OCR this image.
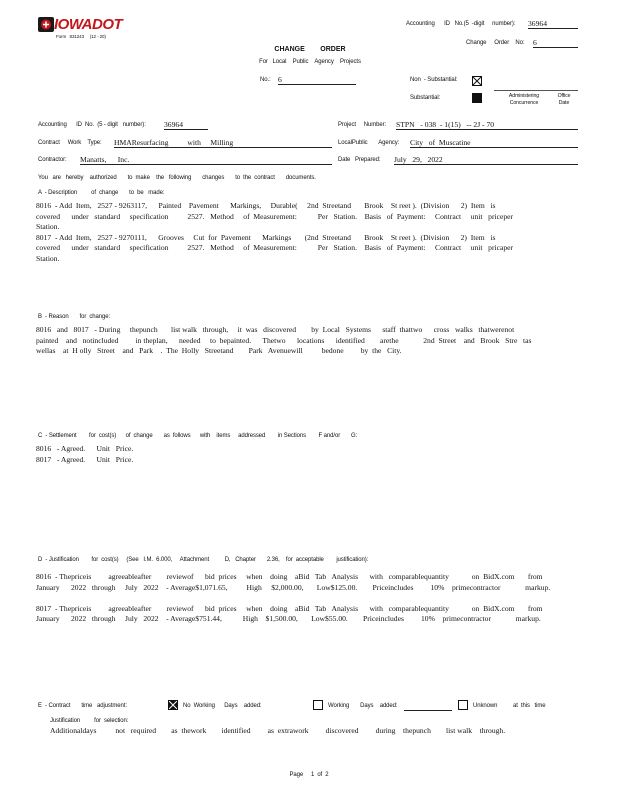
IOWADOT
Form   831243     (12 - 20)
Accounting      ID   No.(5  -digit     number): 36964
Change     Order    No: 6
CHANGE        ORDER
For   Local    Public    Agency    Projects
No.: 6	Non  - Substantial:
Substantial:	Administering
Concurrence
Office
Date
Accounting      ID  No.  (5 - digit   number): 36964	Project     Number: STPN   - 038  - 1(15)   -- 2J - 70
Contract     Work    Type: HMAResurfacing          with     Milling	LocalPublic       Agency: City   of  Muscatine
Contractor: Manatts,      Inc.	Date   Prepared: July   29,   2022
You   are   hereby    authorized       to  make    the   following       changes       to  the  contract       documents.
A  - Description         of  change       to  be   made:
8016  - Add  Item,   2527 - 9263117,      Painted    Pavement      Markings,     Durable(     2nd  Streetand       Brook    St reet ).  (Division      2)  Item   is
covered      under   standard     specification          2527.   Method     of  Measurement:           Per   Station.    Basis   of  Payment:     Contract     unit   priceper
Station.
8017  - Add  Item,   2527 - 9270111,      Grooves     Cut  for  Pavement      Markings       (2nd  Streetand       Brook    St reet ).  (Division      2)  Item   is
covered      under   standard     specification          2527.   Method     of  Measurement:           Per   Station.    Basis   of  Payment:     Contract     unit   pricaper
Station.
B  - Reason       for  change:
8016   and   8017   - During     thepunch       list walk   through,     it  was   discovered        by  Local   Systems      staff  thattwo      cross   walks   thatwerenot
painted    and   notincluded         in theplan,      needed     to  bepainted.      Thetwo      locations      identified        arethe             2nd  Street    and   Brook   Stre   tas
wellas    at  H olly   Street    and   Park    .  The  Holly   Streetand        Park   Avenuewill          bedone         by  the   City.
C  - Settlement        for  cost(s)      of  change       as  follows      with    items     addressed        in Sections        F and/or       G:
8016   - Agreed.      Unit   Price.
8017   - Agreed.      Unit   Price.
D  - Justification        for  cost(s)     (See   I.M.  6.000,     Attachment          D,   Chapter       2.36,    for  acceptable        justification):
8016  - Thepriceis         agreeableafter        reviewof      bid  prices     when    doing    aBid   Tab   Analysis      with   comparablequantity            on  BidX.com       from
January      2022   through     July   2022    - Average$1,071.65,          High     $2,000.00,       Low$125.00.        Priceincludes         10%    primecontractor             markup.

8017  - Thepriceis         agreeableafter        reviewof      bid  prices     when    doing    aBid   Tab   Analysis      with   comparablequantity            on  BidX.com       from
January      2022   through     July   2022    - Average$751.44,           High    $1,500.00,       Low$55.00.        Priceincludes         10%    primecontractor             markup.
E  - Contract       time   adjustment:	No  Working      Days    added:	Working       Days    added:	Unknown          at  this   time
Justification         for  selection:
Additionaldays          not   required        as  thework        identified         as  extrawork         discovered         during    thepunch        list walk    through.
Page     1  of  2
